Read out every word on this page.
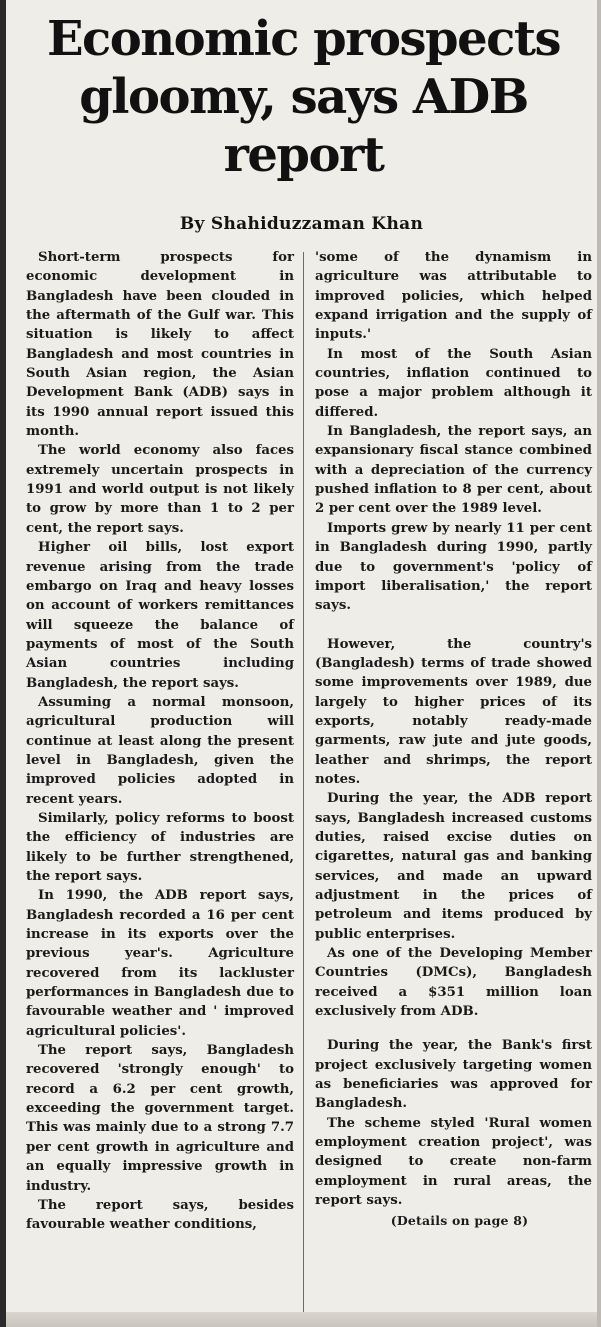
Economic prospects gloomy, says ADB report
By Shahiduzzaman Khan

Short-term prospects for economic development in Bangladesh have been clouded in the aftermath of the Gulf war. This situation is likely to affect Bangladesh and most countries in South Asian region, the Asian Development Bank (ADB) says in its 1990 annual report issued this month.

The world economy also faces extremely uncertain prospects in 1991 and world output is not likely to grow by more than 1 to 2 per cent, the report says.

Higher oil bills, lost export revenue arising from the trade embargo on Iraq and heavy losses on account of workers remittances will squeeze the balance of payments of most of the South Asian countries including Bangladesh, the report says.

Assuming a normal monsoon, agricultural production will continue at least along the present level in Bangladesh, given the improved policies adopted in recent years.

Similarly, policy reforms to boost the efficiency of industries are likely to be further strengthened, the report says.

In 1990, the ADB report says, Bangladesh recorded a 16 per cent increase in its exports over the previous year's. Agriculture recovered from its lackluster performances in Bangladesh due to favourable weather and ' improved agricultural policies'.

The report says, Bangladesh recovered 'strongly enough' to record a 6.2 per cent growth, exceeding the government target. This was mainly due to a strong 7.7 per cent growth in agriculture and an equally impressive growth in industry.

The report says, besides favourable weather conditions,

'some of the dynamism in agriculture was attributable to improved policies, which helped expand irrigation and the supply of inputs.'

In most of the South Asian countries, inflation continued to pose a major problem although it differed.

In Bangladesh, the report says, an expansionary fiscal stance combined with a depreciation of the currency pushed inflation to 8 per cent, about 2 per cent over the 1989 level.

Imports grew by nearly 11 per cent in Bangladesh during 1990, partly due to government's 'policy of import liberalisation,' the report says.

However, the country's (Bangladesh) terms of trade showed some improvements over 1989, due largely to higher prices of its exports, notably ready-made garments, raw jute and jute goods, leather and shrimps, the report notes.

During the year, the ADB report says, Bangladesh increased customs duties, raised excise duties on cigarettes, natural gas and banking services, and made an upward adjustment in the prices of petroleum and items produced by public enterprises.

As one of the Developing Member Countries (DMCs), Bangladesh received a $351 million loan exclusively from ADB.

During the year, the Bank's first project exclusively targeting women as beneficiaries was approved for Bangladesh.

The scheme styled 'Rural women employment creation project', was designed to create non-farm employment in rural areas, the report says.

(Details on page 8)
